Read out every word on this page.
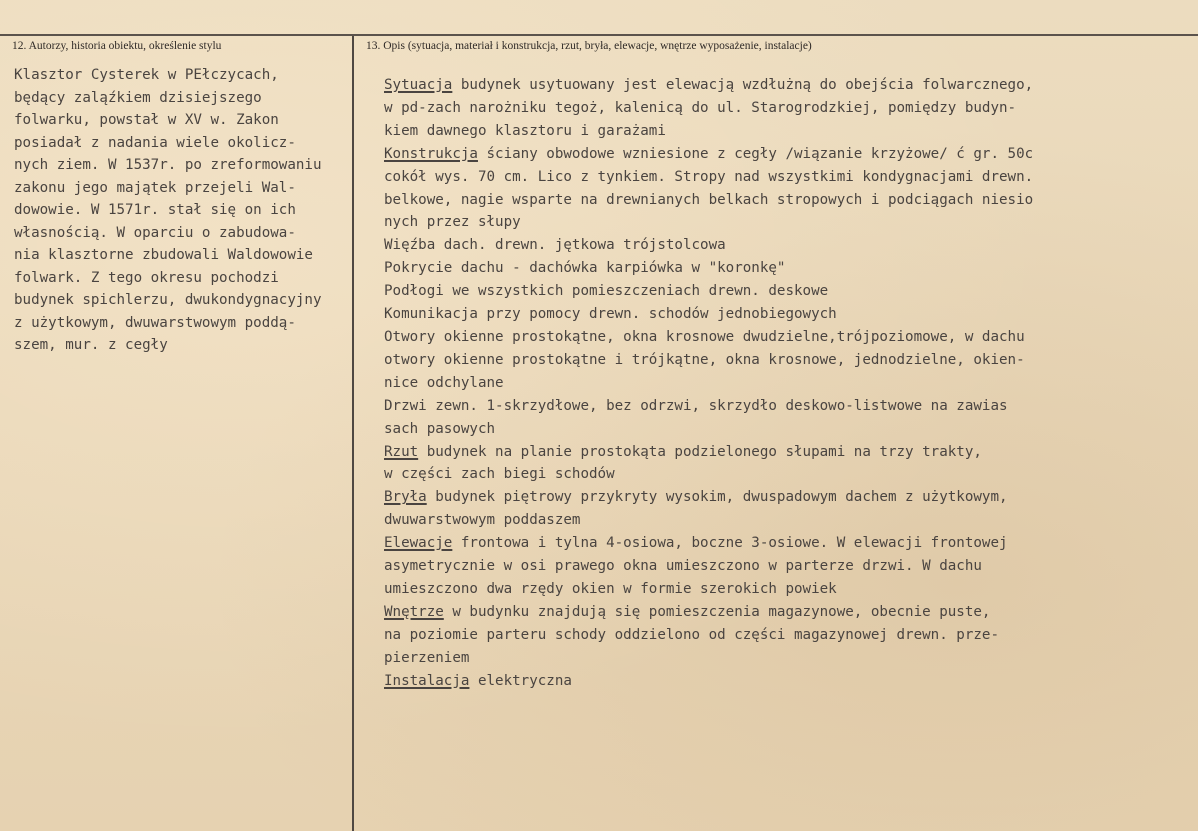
12. Autorzy, historia obiektu, określenie stylu	13. Opis (sytuacja, materiał i konstrukcja, rzut, bryła, elewacje, wnętrze wyposażenie, instalacje)
Klasztor Cysterek w PEłczycach,
będący zaląźkiem dzisiejszego
folwarku, powstał w XV w. Zakon
posiadał z nadania wiele okolicz-
nych ziem. W 1537r. po zreformowaniu
zakonu jego majątek przejeli Wal-
dowowie. W 1571r. stał się on ich
własnością. W oparciu o zabudowa-
nia klasztorne zbudowali Waldowowie
folwark. Z tego okresu pochodzi
budynek spichlerzu, dwukondygnacyjny
z użytkowym, dwuwarstwowym poddą-
szem, mur. z cegły
Sytuacja budynek usytuowany jest elewacją wzdłużną do obejścia folwarcznego,
w pd-zach narożniku tegoż, kalenicą do ul. Starogrodzkiej, pomiędzy budyn-
kiem dawnego klasztoru i garażami
Konstrukcja ściany obwodowe wzniesione z cegły /wiązanie krzyżowe/ ć gr. 50c
cokół wys. 70 cm. Lico z tynkiem. Stropy nad wszystkimi kondygnacjami drewn.
belkowe, nagie wsparte na drewnianych belkach stropowych i podciągach niesio
nych przez słupy
Więźba dach. drewn. jętkowa trójstolcowa
Pokrycie dachu - dachówka karpiówka w "koronkę"
Podłogi we wszystkich pomieszczeniach drewn. deskowe
Komunikacja przy pomocy drewn. schodów jednobiegowych
Otwory okienne prostokątne, okna krosnowe dwudzielne,trójpoziomowe, w dachu
otwory okienne prostokątne i trójkątne, okna krosnowe, jednodzielne, okien-
nice odchylane
Drzwi zewn. 1-skrzydłowe, bez odrzwi, skrzydło deskowo-listwowe na zawias
sach pasowych
Rzut budynek na planie prostokąta podzielonego słupami na trzy trakty,
w części zach biegi schodów
Bryła budynek piętrowy przykryty wysokim, dwuspadowym dachem z użytkowym,
dwuwarstwowym poddaszem
Elewacje frontowa i tylna 4-osiowa, boczne 3-osiowe. W elewacji frontowej
asymetrycznie w osi prawego okna umieszczono w parterze drzwi. W dachu
umieszczono dwa rzędy okien w formie szerokich powiek
Wnętrze w budynku znajdują się pomieszczenia magazynowe, obecnie puste,
na poziomie parteru schody oddzielono od części magazynowej drewn. prze-
pierzeniem
Instalacja elektryczna
